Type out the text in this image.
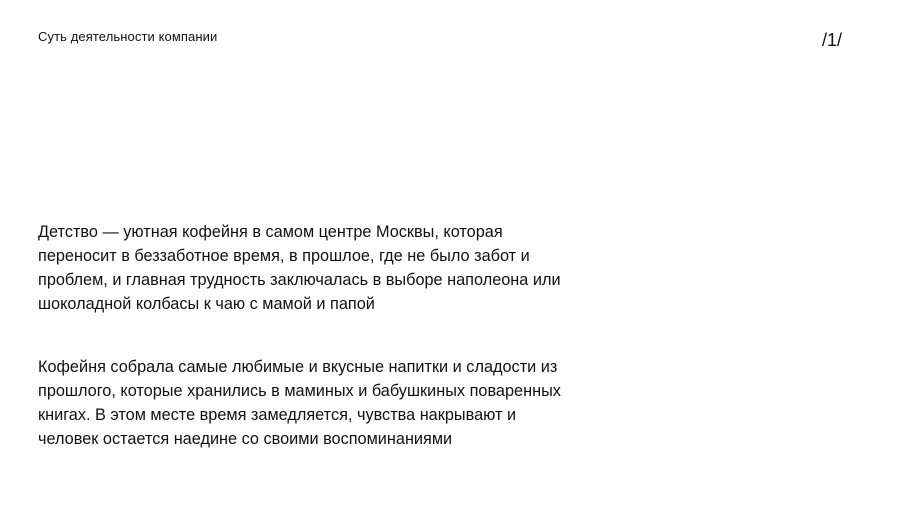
Суть деятельности компании	/1/

Детство — уютная кофейня в самом центре Москвы, которая переносит в беззаботное время, в прошлое, где не было забот и проблем, и главная трудность заключалась в выборе наполеона или шоколадной колбасы к чаю с мамой и папой

Кофейня собрала самые любимые и вкусные напитки и сладости из прошлого, которые хранились в маминых и бабушкиных поваренных книгах. В этом месте время замедляется, чувства накрывают и человек остается наедине со своими воспоминаниями
